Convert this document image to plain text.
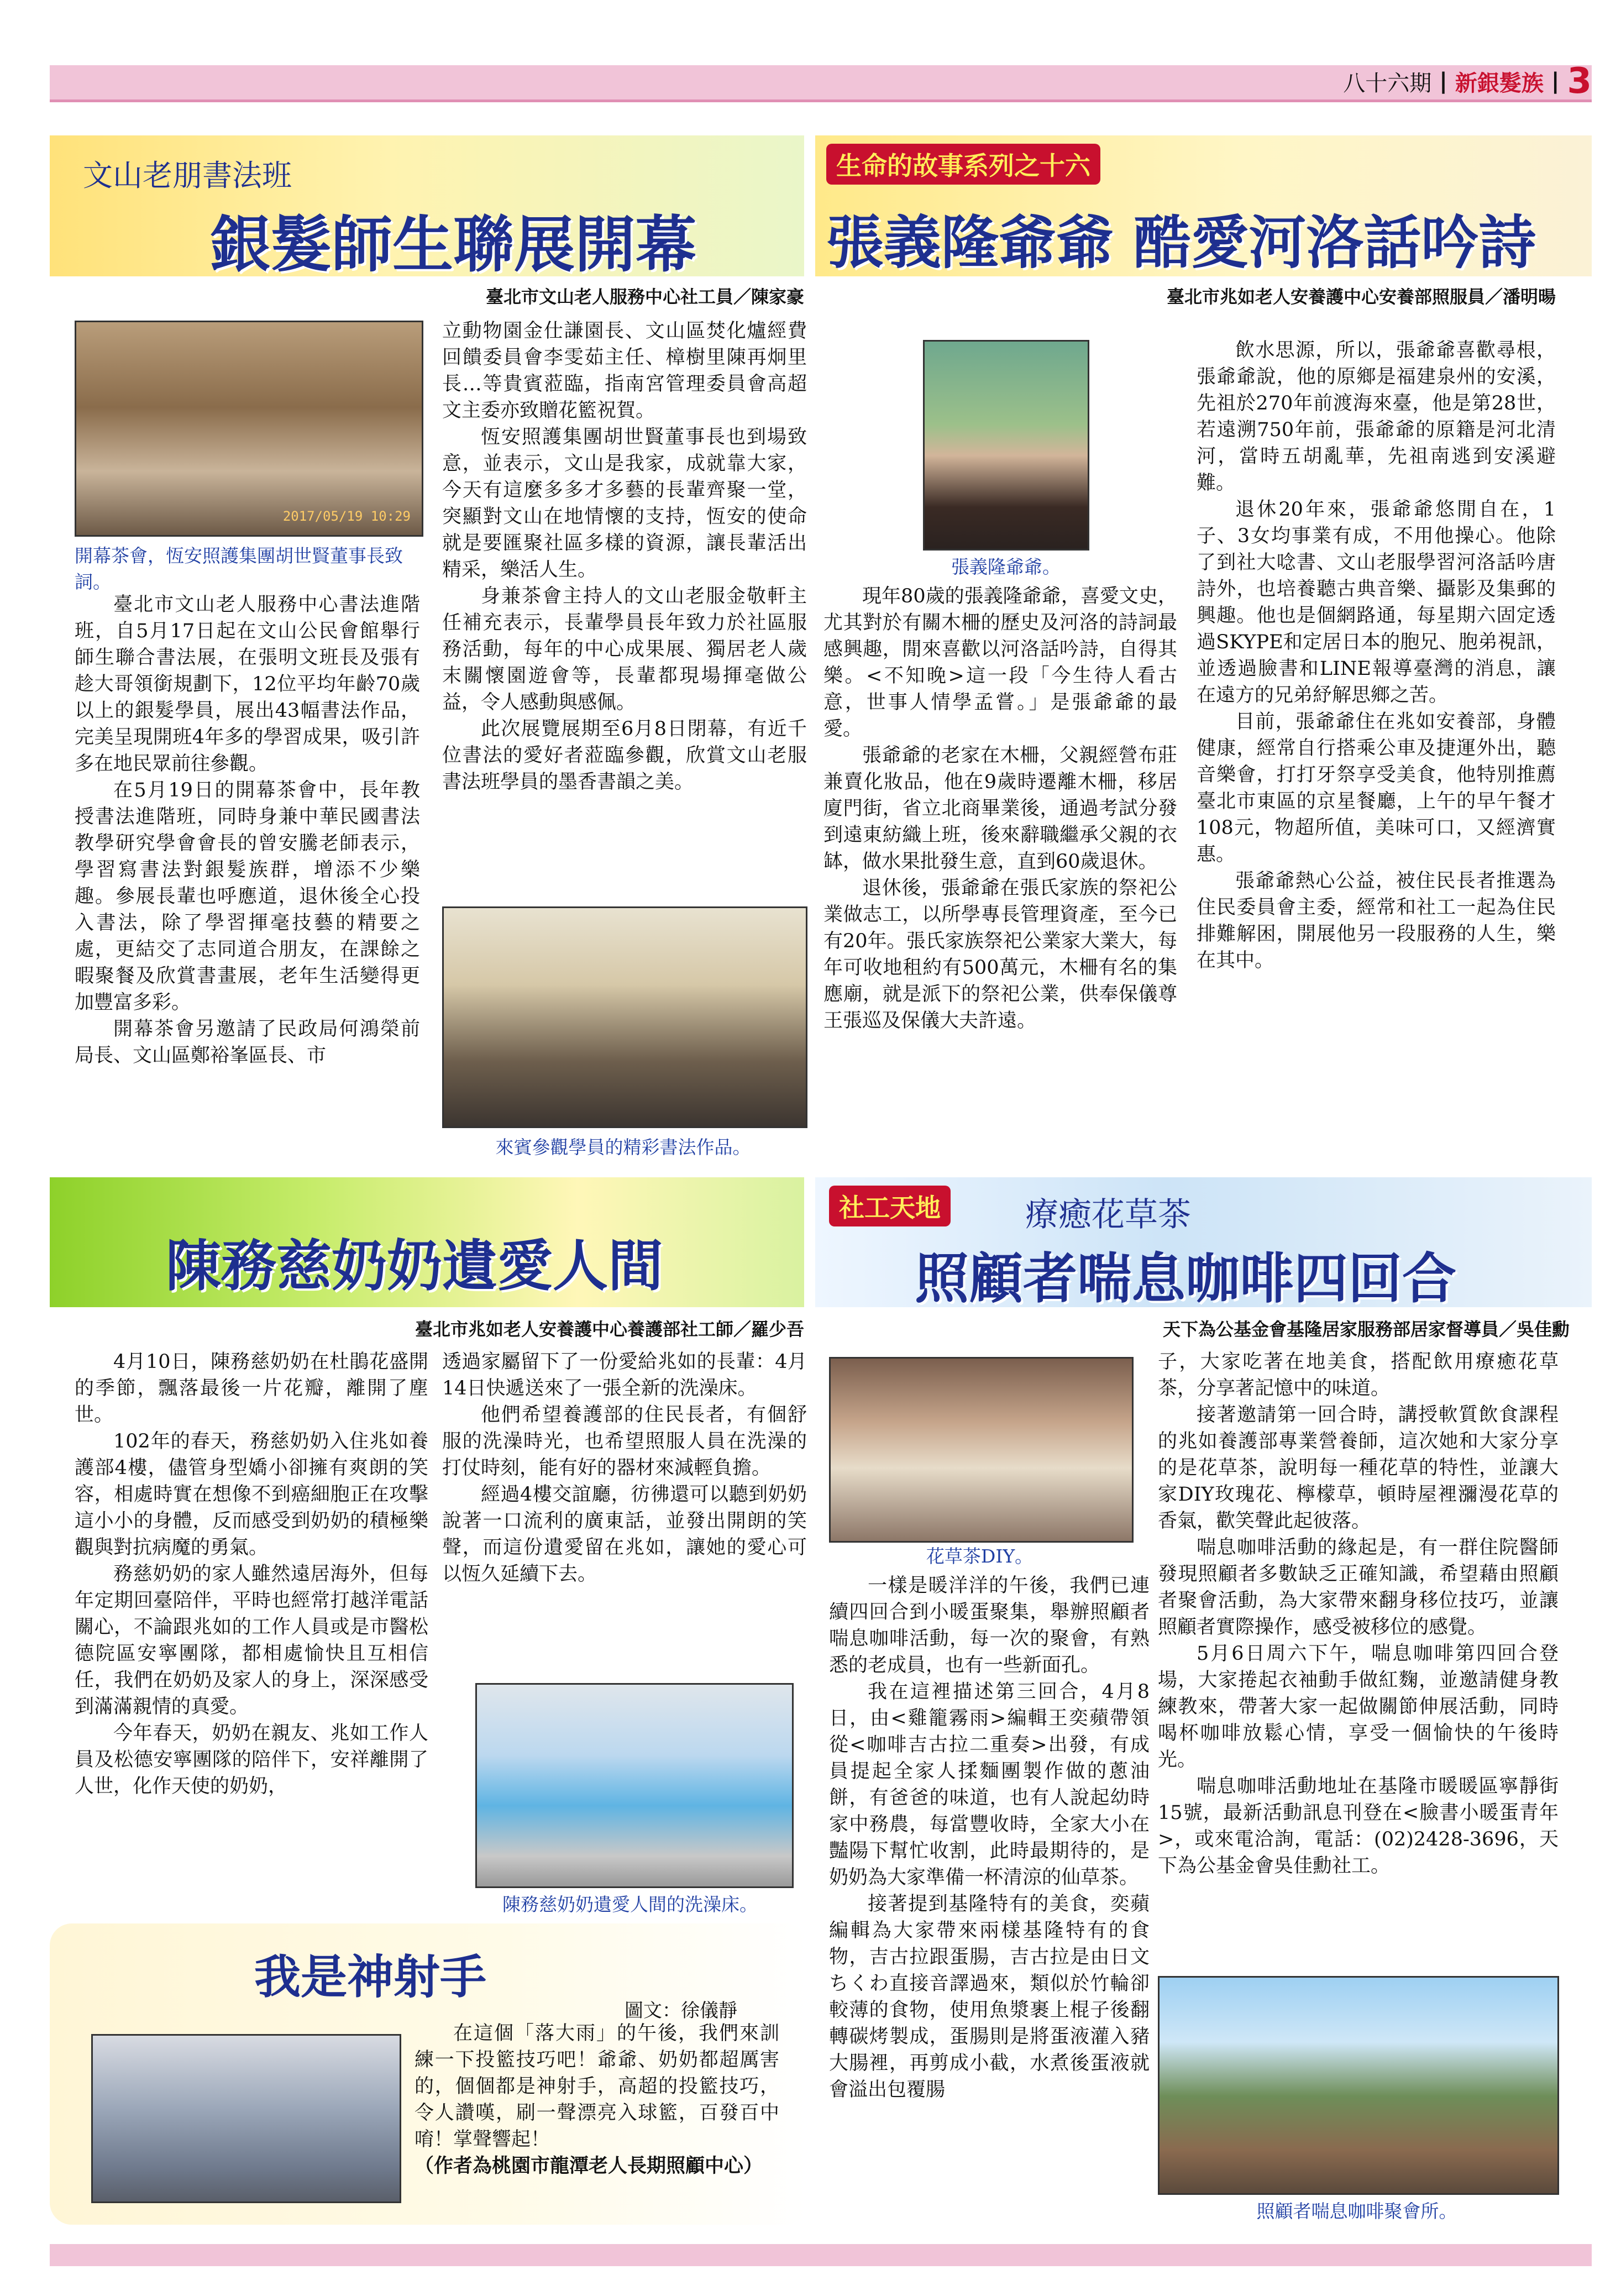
八十六期 | 新銀髮族 | 3
文山老朋書法班
銀髮師生聯展開幕
臺北市文山老人服務中心社工員／陳家豪
2017/05/19 10:29
開幕茶會，恆安照護集團胡世賢董事長致詞。

臺北市文山老人服務中心書法進階班，自5月17日起在文山公民會館舉行師生聯合書法展，在張明文班長及張有趁大哥領銜規劃下，12位平均年齡70歲以上的銀髮學員，展出43幅書法作品，完美呈現開班4年多的學習成果，吸引許多在地民眾前往參觀。

在5月19日的開幕茶會中，長年教授書法進階班，同時身兼中華民國書法教學研究學會會長的曾安騰老師表示，學習寫書法對銀髮族群，增添不少樂趣。參展長輩也呼應道，退休後全心投入書法，除了學習揮毫技藝的精要之處，更結交了志同道合朋友，在課餘之暇聚餐及欣賞書畫展，老年生活變得更加豐富多彩。

開幕茶會另邀請了民政局何鴻榮前局長、文山區鄭裕峯區長、市

立動物園金仕謙園長、文山區焚化爐經費回饋委員會李雯茹主任、樟樹里陳再炯里長…等貴賓蒞臨，指南宮管理委員會高超文主委亦致贈花籃祝賀。

恆安照護集團胡世賢董事長也到場致意，並表示，文山是我家，成就靠大家，今天有這麼多多才多藝的長輩齊聚一堂，突顯對文山在地情懷的支持，恆安的使命就是要匯聚社區多樣的資源，讓長輩活出精采，樂活人生。

身兼茶會主持人的文山老服金敬軒主任補充表示，長輩學員長年致力於社區服務活動，每年的中心成果展、獨居老人歲末關懷園遊會等，長輩都現場揮毫做公益，令人感動與感佩。

此次展覽展期至6月8日閉幕，有近千位書法的愛好者蒞臨參觀，欣賞文山老服書法班學員的墨香書韻之美。

來賓參觀學員的精彩書法作品。
生命的故事系列之十六
張義隆爺爺 酷愛河洛話吟詩
臺北市兆如老人安養護中心安養部照服員／潘明暘
張義隆爺爺。

現年80歲的張義隆爺爺，喜愛文史，尤其對於有關木柵的歷史及河洛的詩詞最感興趣，閒來喜歡以河洛話吟詩，自得其樂。<不知晚>這一段「今生待人看古意，世事人情學孟嘗。」是張爺爺的最愛。

張爺爺的老家在木柵，父親經營布莊兼賣化妝品，他在9歲時遷離木柵，移居廈門街，省立北商畢業後，通過考試分發到遠東紡織上班，後來辭職繼承父親的衣缽，做水果批發生意，直到60歲退休。

退休後，張爺爺在張氏家族的祭祀公業做志工，以所學專長管理資產，至今已有20年。張氏家族祭祀公業家大業大，每年可收地租約有500萬元，木柵有名的集應廟，就是派下的祭祀公業，供奉保儀尊王張巡及保儀大夫許遠。

飲水思源，所以，張爺爺喜歡尋根，張爺爺說，他的原鄉是福建泉州的安溪，先祖於270年前渡海來臺，他是第28世，若遠溯750年前，張爺爺的原籍是河北清河，當時五胡亂華，先祖南逃到安溪避難。

退休20年來，張爺爺悠閒自在，1子、3女均事業有成，不用他操心。他除了到社大唸書、文山老服學習河洛話吟唐詩外，也培養聽古典音樂、攝影及集郵的興趣。他也是個網路通，每星期六固定透過SKYPE和定居日本的胞兄、胞弟視訊，並透過臉書和LINE報導臺灣的消息，讓在遠方的兄弟紓解思鄉之苦。

目前，張爺爺住在兆如安養部，身體健康，經常自行搭乘公車及捷運外出，聽音樂會，打打牙祭享受美食，他特別推薦臺北市東區的京星餐廳，上午的早午餐才108元，物超所值，美味可口，又經濟實惠。

張爺爺熱心公益，被住民長者推選為住民委員會主委，經常和社工一起為住民排難解困，開展他另一段服務的人生，樂在其中。

陳務慈奶奶遺愛人間
臺北市兆如老人安養護中心養護部社工師／羅少吾

4月10日，陳務慈奶奶在杜鵑花盛開的季節，飄落最後一片花瓣，離開了塵世。

102年的春天，務慈奶奶入住兆如養護部4樓，儘管身型嬌小卻擁有爽朗的笑容，相處時實在想像不到癌細胞正在攻擊這小小的身體，反而感受到奶奶的積極樂觀與對抗病魔的勇氣。

務慈奶奶的家人雖然遠居海外，但每年定期回臺陪伴，平時也經常打越洋電話關心，不論跟兆如的工作人員或是市醫松德院區安寧團隊，都相處愉快且互相信任，我們在奶奶及家人的身上，深深感受到滿滿親情的真愛。

今年春天，奶奶在親友、兆如工作人員及松德安寧團隊的陪伴下，安祥離開了人世，化作天使的奶奶，

透過家屬留下了一份愛給兆如的長輩：4月14日快遞送來了一張全新的洗澡床。

他們希望養護部的住民長者，有個舒服的洗澡時光，也希望照服人員在洗澡的打仗時刻，能有好的器材來減輕負擔。

經過4樓交誼廳，彷彿還可以聽到奶奶說著一口流利的廣東話，並發出開朗的笑聲，而這份遺愛留在兆如，讓她的愛心可以恆久延續下去。

陳務慈奶奶遺愛人間的洗澡床。
我是神射手
圖文：徐儀靜

在這個「落大雨」的午後，我們來訓練一下投籃技巧吧！爺爺、奶奶都超厲害的，個個都是神射手，高超的投籃技巧，令人讚嘆，刷一聲漂亮入球籃，百發百中唷！掌聲響起！

（作者為桃園市龍潭老人長期照顧中心）

社工天地	療癒花草茶
照顧者喘息咖啡四回合
天下為公基金會基隆居家服務部居家督導員／吳佳勳
花草茶DIY。

一樣是暖洋洋的午後，我們已連續四回合到小暖蛋聚集，舉辦照顧者喘息咖啡活動，每一次的聚會，有熟悉的老成員，也有一些新面孔。

我在這裡描述第三回合，4月8日，由<雞籠霧雨>編輯王奕蘋帶領從<咖啡吉古拉二重奏>出發，有成員提起全家人揉麵團製作做的蔥油餅，有爸爸的味道，也有人說起幼時家中務農，每當豐收時，全家大小在豔陽下幫忙收割，此時最期待的，是奶奶為大家準備一杯清涼的仙草茶。

接著提到基隆特有的美食，奕蘋編輯為大家帶來兩樣基隆特有的食物，吉古拉跟蛋腸，吉古拉是由日文ちくわ直接音譯過來，類似於竹輪卻較薄的食物，使用魚漿裹上棍子後翻轉碳烤製成，蛋腸則是將蛋液灌入豬大腸裡，再剪成小截，水煮後蛋液就會溢出包覆腸

子，大家吃著在地美食，搭配飲用療癒花草茶，分享著記憶中的味道。

接著邀請第一回合時，講授軟質飲食課程的兆如養護部專業營養師，這次她和大家分享的是花草茶，說明每一種花草的特性，並讓大家DIY玫瑰花、檸檬草，頓時屋裡瀰漫花草的香氣，歡笑聲此起彼落。

喘息咖啡活動的緣起是，有一群住院醫師發現照顧者多數缺乏正確知識，希望藉由照顧者聚會活動，為大家帶來翻身移位技巧，並讓照顧者實際操作，感受被移位的感覺。

5月6日周六下午，喘息咖啡第四回合登場，大家捲起衣袖動手做紅麴，並邀請健身教練教來，帶著大家一起做關節伸展活動，同時喝杯咖啡放鬆心情，享受一個愉快的午後時光。

喘息咖啡活動地址在基隆市暖暖區寧靜街15號，最新活動訊息刊登在<臉書小暖蛋青年>，或來電洽詢，電話：(02)2428-3696，天下為公基金會吳佳勳社工。

照顧者喘息咖啡聚會所。
